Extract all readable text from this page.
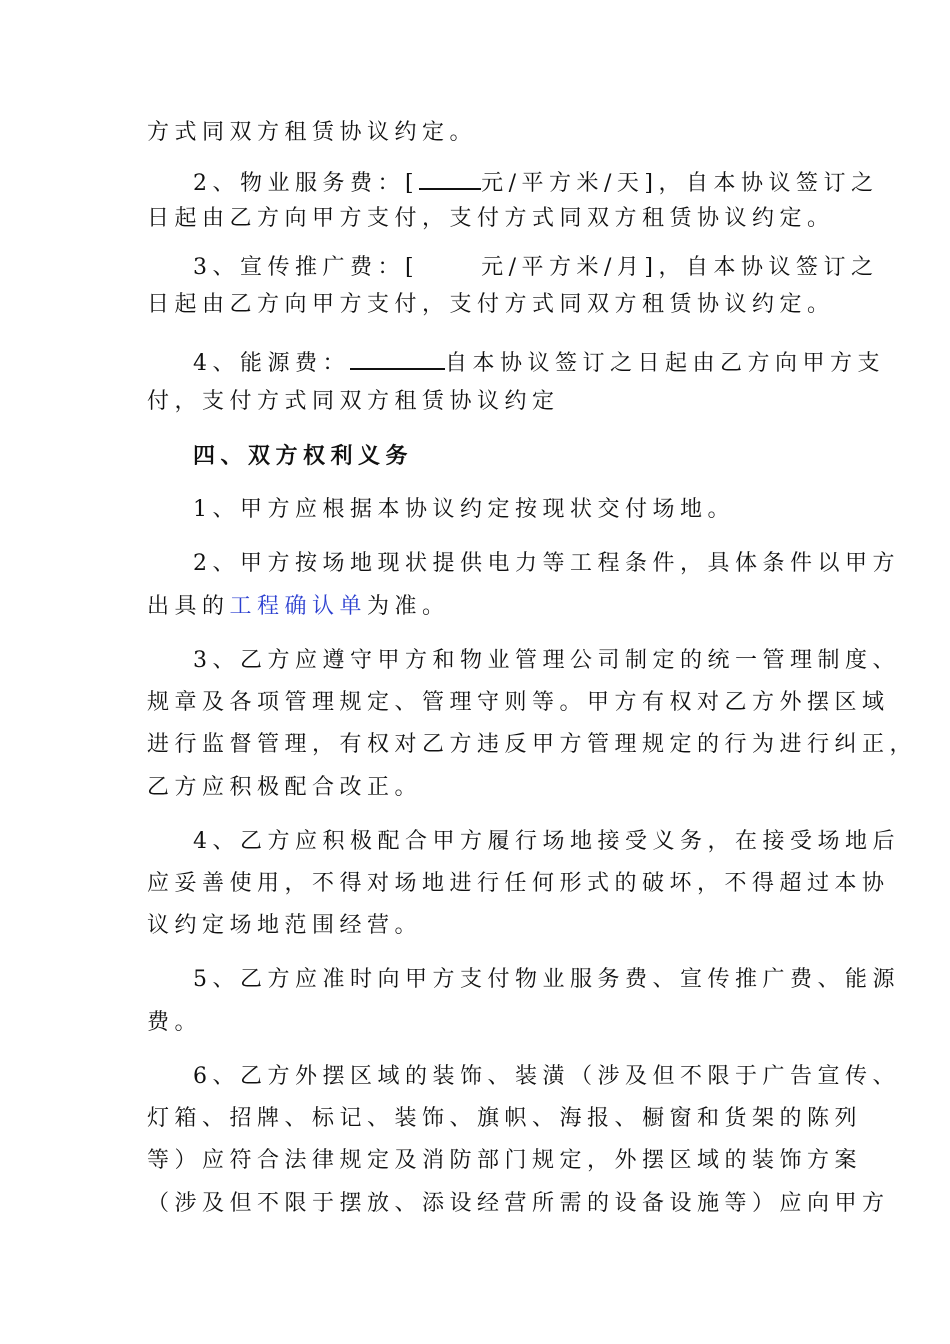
方式同双方租赁协议约定。
2、物业服务费：[	元/平方米/天]，自本协议签订之
日起由乙方向甲方支付，支付方式同双方租赁协议约定。
3、宣传推广费：[	元/平方米/月]，自本协议签订之
日起由乙方向甲方支付，支付方式同双方租赁协议约定。
4、能源费：	自本协议签订之日起由乙方向甲方支
付，支付方式同双方租赁协议约定
四、双方权利义务
1、甲方应根据本协议约定按现状交付场地。
2、甲方按场地现状提供电力等工程条件，具体条件以甲方
出具的工程确认单为准。
3、乙方应遵守甲方和物业管理公司制定的统一管理制度、
规章及各项管理规定、管理守则等。甲方有权对乙方外摆区域
进行监督管理，有权对乙方违反甲方管理规定的行为进行纠正，
乙方应积极配合改正。
4、乙方应积极配合甲方履行场地接受义务，在接受场地后
应妥善使用，不得对场地进行任何形式的破坏，不得超过本协
议约定场地范围经营。
5、乙方应准时向甲方支付物业服务费、宣传推广费、能源
费。
6、乙方外摆区域的装饰、装潢（涉及但不限于广告宣传、
灯箱、招牌、标记、装饰、旗帜、海报、橱窗和货架的陈列
等）应符合法律规定及消防部门规定，外摆区域的装饰方案
（涉及但不限于摆放、添设经营所需的设备设施等）应向甲方
